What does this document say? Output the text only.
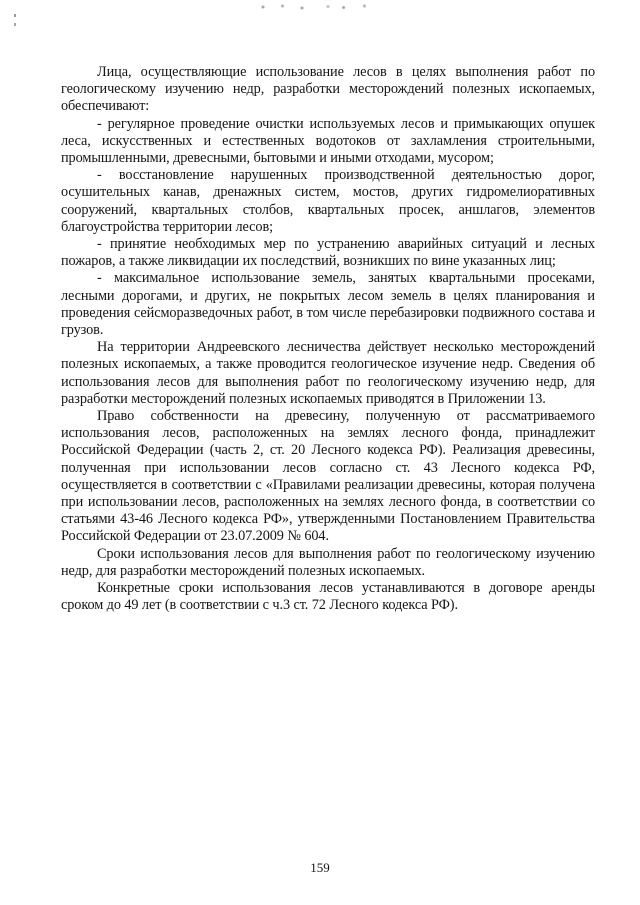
Лица, осуществляющие использование лесов в целях выполнения работ по геологическому изучению недр, разработки месторождений полезных ископаемых, обеспечивают:

- регулярное проведение очистки используемых лесов и примыкающих опушек леса, искусственных и естественных водотоков от захламления строительными, промышленными, древесными, бытовыми и иными отходами, мусором;

- восстановление нарушенных производственной деятельностью дорог, осушительных канав, дренажных систем, мостов, других гидромелиоративных сооружений, квартальных столбов, квартальных просек, аншлагов, элементов благоустройства территории лесов;

- принятие необходимых мер по устранению аварийных ситуаций и лесных пожаров, а также ликвидации их последствий, возникших по вине указанных лиц;

- максимальное использование земель, занятых квартальными просеками, лесными дорогами, и других, не покрытых лесом земель в целях планирования и проведения сейсморазведочных работ, в том числе перебазировки подвижного состава и грузов.

На территории Андреевского лесничества действует несколько месторождений полезных ископаемых, а также проводится геологическое изучение недр. Сведения об использования лесов для выполнения работ по геологическому изучению недр, для разработки месторождений полезных ископаемых приводятся в Приложении 13.

Право собственности на древесину, полученную от рассматриваемого использования лесов, расположенных на землях лесного фонда, принадлежит Российской Федерации (часть 2, ст. 20 Лесного кодекса РФ). Реализация древесины, полученная при использовании лесов согласно ст. 43 Лесного кодекса РФ, осуществляется в соответствии с «Правилами реализации древесины, которая получена при использовании лесов, расположенных на землях лесного фонда, в соответствии со статьями 43-46 Лесного кодекса РФ», утвержденными Постановлением Правительства Российской Федерации от 23.07.2009 № 604.

Сроки использования лесов для выполнения работ по геологическому изучению недр, для разработки месторождений полезных ископаемых.

Конкретные сроки использования лесов устанавливаются в договоре аренды сроком до 49 лет (в соответствии с ч.3 ст. 72 Лесного кодекса РФ).

159
